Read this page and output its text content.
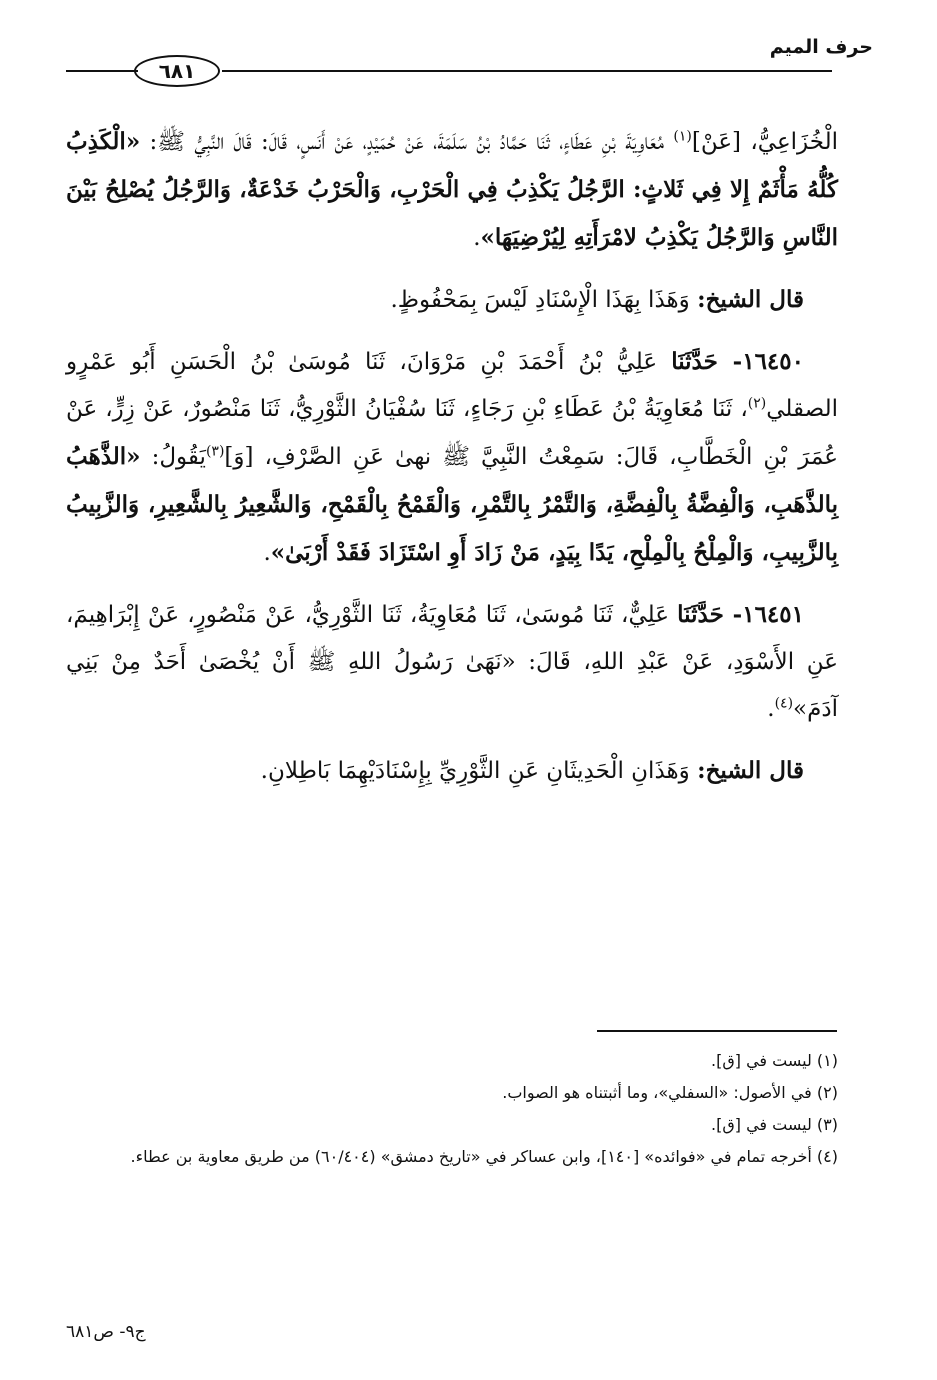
حرف الميم
٦٨١

الْخُزَاعِيُّ، [عَنْ]$^{(١)}$ مُعَاوِيَةَ بْنِ عَطَاءٍ، ثَنَا حَمَّادُ بْنُ سَلَمَةَ، عَنْ حُمَيْدٍ، عَنْ أَنَسٍ، قَالَ: قَالَ النَّبِيُّ ﷺ: «الْكَذِبُ كُلُّهُ مَأْثَمٌ إِلا فِي ثَلاثٍ: الرَّجُلُ يَكْذِبُ فِي الْحَرْبِ، وَالْحَرْبُ خَدْعَةٌ، وَالرَّجُلُ يُصْلِحُ بَيْنَ النَّاسِ وَالرَّجُلُ يَكْذِبُ لامْرَأَتِهِ لِيُرْضِيَهَا».

قال الشيخ: وَهَذَا بِهَذَا الْإِسْنَادِ لَيْسَ بِمَحْفُوظٍ.

١٦٤٥٠- حَدَّثَنَا عَلِيُّ بْنُ أَحْمَدَ بْنِ مَرْوَانَ، ثَنَا مُوسَىٰ بْنُ الْحَسَنِ أَبُو عَمْرٍو الصقلي$^{(٢)}$، ثَنَا مُعَاوِيَةُ بْنُ عَطَاءِ بْنِ رَجَاءٍ، ثَنَا سُفْيَانُ الثَّوْرِيُّ، ثَنَا مَنْصُورٌ، عَنْ زِرٍّ، عَنْ عُمَرَ بْنِ الْخَطَّابِ، قَالَ: سَمِعْتُ النَّبِيَّ ﷺ نهىٰ عَنِ الصَّرْفِ، [وَ]$^{(٣)}$يَقُولُ: «الذَّهَبُ بِالذَّهَبِ، وَالْفِضَّةُ بِالْفِضَّةِ، وَالتَّمْرُ بِالتَّمْرِ، وَالْقَمْحُ بِالْقَمْحِ، وَالشَّعِيرُ بِالشَّعِيرِ، وَالزَّبِيبُ بِالزَّبِيبِ، وَالْمِلْحُ بِالْمِلْحِ، يَدًا بِيَدٍ، مَنْ زَادَ أَوِ اسْتَزَادَ فَقَدْ أَرْبَىٰ».

١٦٤٥١- حَدَّثَنَا عَلِيٌّ، ثَنَا مُوسَىٰ، ثَنَا مُعَاوِيَةُ، ثَنَا الثَّوْرِيُّ، عَنْ مَنْصُورٍ، عَنْ إِبْرَاهِيمَ، عَنِ الأَسْوَدِ، عَنْ عَبْدِ اللهِ، قَالَ: «نَهَىٰ رَسُولُ اللهِ ﷺ أَنْ يُخْصَىٰ أَحَدٌ مِنْ بَنِي آدَمَ»$^{(٤)}$.

قال الشيخ: وَهَذَانِ الْحَدِيثَانِ عَنِ الثَّوْرِيِّ بِإِسْنَادَيْهِمَا بَاطِلانِ.

(١) ليست في [ق].

(٢) في الأصول: «السفلي»، وما أثبتناه هو الصواب.

(٣) ليست في [ق].

(٤) أخرجه تمام في «فوائده» [١٤٠]، وابن عساكر في «تاريخ دمشق» (٦٠/٤٠٤) من طريق معاوية بن عطاء.

ج٩- ص٦٨١
